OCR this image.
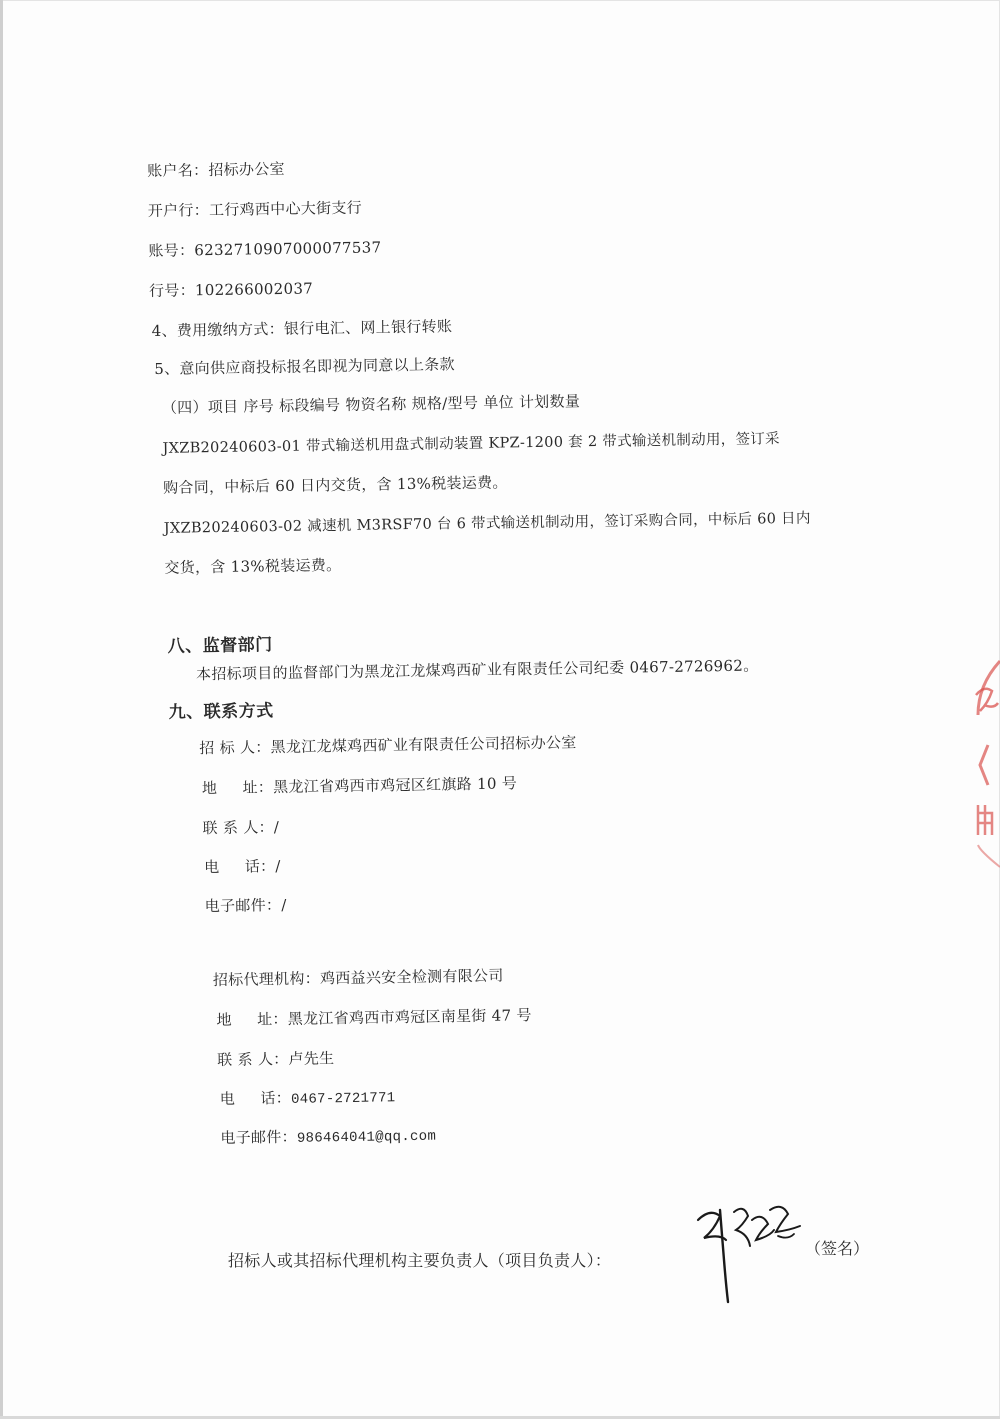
账户名：招标办公室
开户行：工行鸡西中心大街支行
账号：6232710907000077537
行号：102266002037
4、费用缴纳方式：银行电汇、网上银行转账
5、意向供应商投标报名即视为同意以上条款
（四）项目 序号 标段编号 物资名称 规格/型号 单位 计划数量
JXZB20240603-01 带式输送机用盘式制动装置 KPZ-1200 套 2 带式输送机制动用，签订采
购合同，中标后 60 日内交货，含 13%税装运费。
JXZB20240603-02 减速机 M3RSF70 台 6 带式输送机制动用，签订采购合同，中标后 60 日内
交货，含 13%税装运费。
八、监督部门
本招标项目的监督部门为黑龙江龙煤鸡西矿业有限责任公司纪委 0467-2726962。
九、联系方式
招 标 人：黑龙江龙煤鸡西矿业有限责任公司招标办公室
地     址：黑龙江省鸡西市鸡冠区红旗路 10 号
联 系 人：/
电     话：/
电子邮件：/
招标代理机构：鸡西益兴安全检测有限公司
地     址：黑龙江省鸡西市鸡冠区南星街 47 号
联 系 人：卢先生
电     话：0467-2721771
电子邮件：986464041@qq.com
招标人或其招标代理机构主要负责人（项目负责人）：
（签名）
